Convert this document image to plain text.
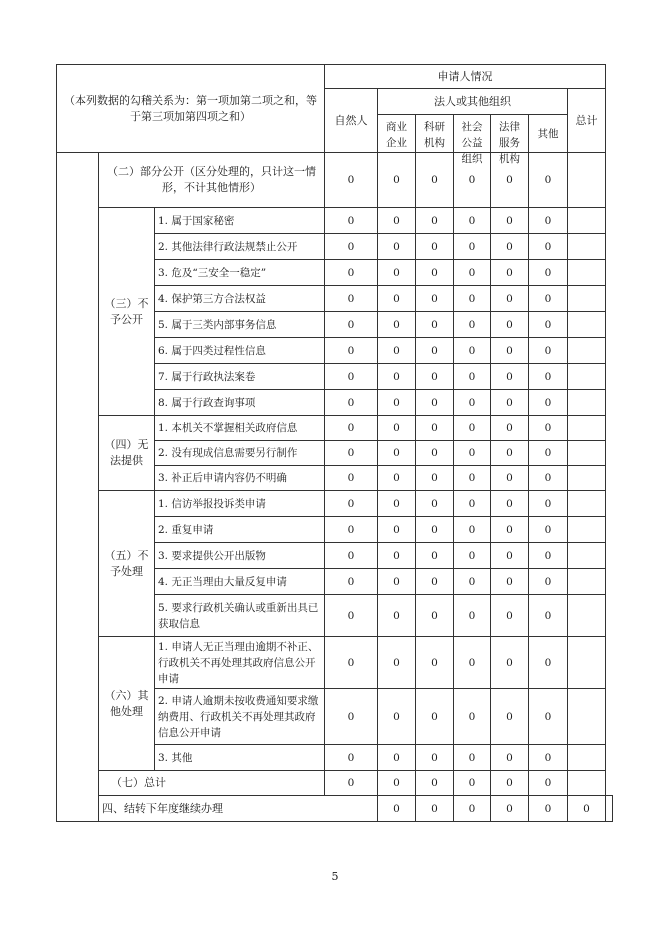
（本列数据的勾稽关系为：第一项加第二项之和，等于第三项加第四项之和）			申请人情况							
			自然人	法人或其他组织					总计	

				商业企业	科研机构	社会公益组织	法律服务机构	其他		
	（二）部分公开（区分处理的，只计这一情形，不计其他情形）		0	0	0	0	0	0		
	（三）不予公开	1. 属于国家秘密	0	0	0	0	0	0		
		2. 其他法律行政法规禁止公开	0	0	0	0	0	0		
		3. 危及“三安全一稳定”	0	0	0	0	0	0		
		4. 保护第三方合法权益	0	0	0	0	0	0		
		5. 属于三类内部事务信息	0	0	0	0	0	0		
		6. 属于四类过程性信息	0	0	0	0	0	0		
		7. 属于行政执法案卷	0	0	0	0	0	0		
		8. 属于行政查询事项	0	0	0	0	0	0		
	（四）无法提供	1. 本机关不掌握相关政府信息	0	0	0	0	0	0		
		2. 没有现成信息需要另行制作	0	0	0	0	0	0		
		3. 补正后申请内容仍不明确	0	0	0	0	0	0		
	（五）不予处理	1. 信访举报投诉类申请	0	0	0	0	0	0		
		2. 重复申请	0	0	0	0	0	0		
		3. 要求提供公开出版物	0	0	0	0	0	0		
		4. 无正当理由大量反复申请	0	0	0	0	0	0		
		5. 要求行政机关确认或重新出具已获取信息	0	0	0	0	0	0		
	（六）其他处理	1. 申请人无正当理由逾期不补正、行政机关不再处理其政府信息公开申请	0	0	0	0	0	0		
		2. 申请人逾期未按收费通知要求缴纳费用、行政机关不再处理其政府信息公开申请	0	0	0	0	0	0		
		3. 其他	0	0	0	0	0	0		
	（七）总计		0	0	0	0	0	0		
	四、结转下年度继续办理			0	0	0	0	0	0	
5
